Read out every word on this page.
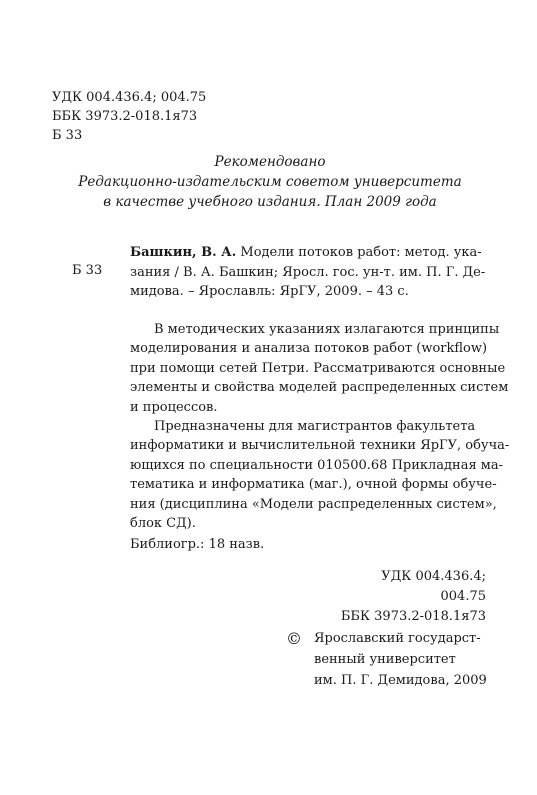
УДК 004.436.4; 004.75
ББК 3973.2-018.1я73
Б 33
Рекомендовано
Редакционно-издательским советом университета
в качестве учебного издания. План 2009 года
Б 33
Башкин, В. А. Модели потоков работ: метод. ука-
зания / В. А. Башкин; Яросл. гос. ун-т. им. П. Г. Де-
мидова. – Ярославль: ЯрГУ, 2009. – 43 с.
В методических указаниях излагаются принципы
моделирования и анализа потоков работ (workflow)
при помощи сетей Петри. Рассматриваются основные
элементы и свойства моделей распределенных систем
и процессов.
Предназначены для магистрантов факультета
информатики и вычислительной техники ЯрГУ, обуча-
ющихся по специальности 010500.68 Прикладная ма-
тематика и информатика (маг.), очной формы обуче-
ния (дисциплина «Модели распределенных систем»,
блок СД).
Библиогр.: 18 назв.
УДК 004.436.4; 004.75
ББК 3973.2-018.1я73
© Ярославский государст-
венный университет
им. П. Г. Демидова, 2009
